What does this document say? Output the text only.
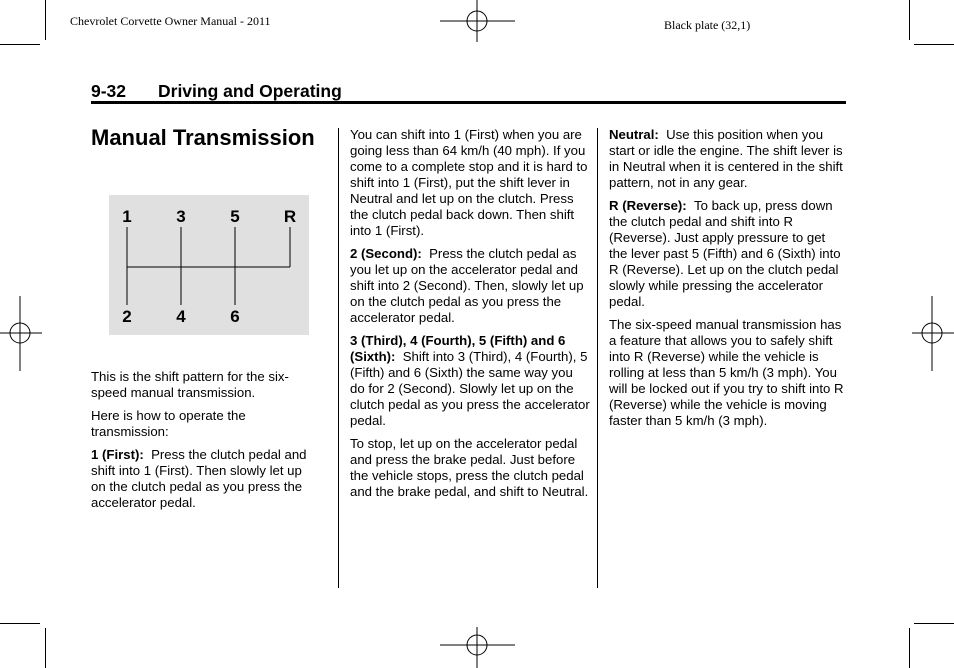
Chevrolet Corvette Owner Manual - 2011	Black plate (32,1)
9-32 Driving and Operating
Manual Transmission
1	3	5	R
2	4	6

This is the shift pattern for the six-speed manual transmission.

Here is how to operate the transmission:

1 (First): Press the clutch pedal and shift into 1 (First). Then slowly let up on the clutch pedal as you press the accelerator pedal.

You can shift into 1 (First) when you are going less than 64 km/h (40 mph). If you come to a complete stop and it is hard to shift into 1 (First), put the shift lever in Neutral and let up on the clutch. Press the clutch pedal back down. Then shift into 1 (First).

2 (Second): Press the clutch pedal as you let up on the accelerator pedal and shift into 2 (Second). Then, slowly let up on the clutch pedal as you press the accelerator pedal.

3 (Third), 4 (Fourth), 5 (Fifth) and 6 (Sixth): Shift into 3 (Third), 4 (Fourth), 5 (Fifth) and 6 (Sixth) the same way you do for 2 (Second). Slowly let up on the clutch pedal as you press the accelerator pedal.

To stop, let up on the accelerator pedal and press the brake pedal. Just before the vehicle stops, press the clutch pedal and the brake pedal, and shift to Neutral.

Neutral: Use this position when you start or idle the engine. The shift lever is in Neutral when it is centered in the shift pattern, not in any gear.

R (Reverse): To back up, press down the clutch pedal and shift into R (Reverse). Just apply pressure to get the lever past 5 (Fifth) and 6 (Sixth) into R (Reverse). Let up on the clutch pedal slowly while pressing the accelerator pedal.

The six-speed manual transmission has a feature that allows you to safely shift into R (Reverse) while the vehicle is rolling at less than 5 km/h (3 mph). You will be locked out if you try to shift into R (Reverse) while the vehicle is moving faster than 5 km/h (3 mph).
